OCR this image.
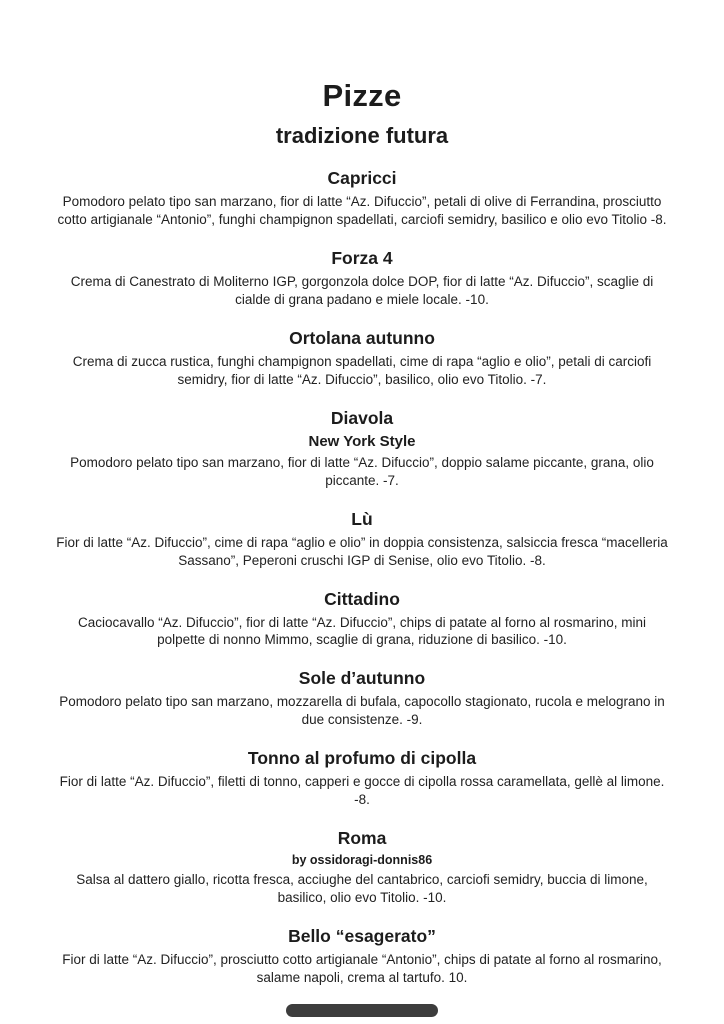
Pizze
tradizione futura
Capricci

Pomodoro pelato tipo san marzano, fior di latte “Az. Difuccio”, petali di olive di Ferrandina, prosciutto cotto artigianale “Antonio”, funghi champignon spadellati, carciofi semidry, basilico e olio evo Titolio -8.

Forza 4

Crema di Canestrato di Moliterno IGP, gorgonzola dolce DOP, fior di latte “Az. Difuccio”, scaglie di cialde di grana padano e miele locale. -10.

Ortolana autunno

Crema di zucca rustica, funghi champignon spadellati, cime di rapa “aglio e olio”, petali di carciofi semidry, fior di latte “Az. Difuccio”, basilico, olio evo Titolio. -7.

Diavola
New York Style

Pomodoro pelato tipo san marzano, fior di latte “Az. Difuccio”, doppio salame piccante, grana, olio piccante. -7.

Lù

Fior di latte “Az. Difuccio”, cime di rapa “aglio e olio” in doppia consistenza, salsiccia fresca “macelleria Sassano”, Peperoni cruschi IGP di Senise, olio evo Titolio. -8.

Cittadino

Caciocavallo “Az. Difuccio”, fior di latte “Az. Difuccio”, chips di patate al forno al rosmarino, mini polpette di nonno Mimmo, scaglie di grana, riduzione di basilico. -10.

Sole d’autunno

Pomodoro pelato tipo san marzano, mozzarella di bufala, capocollo stagionato, rucola e melograno in due consistenze. -9.

Tonno al profumo di cipolla

Fior di latte “Az. Difuccio”, filetti di tonno, capperi e gocce di cipolla rossa caramellata, gellè al limone. -8.

Roma
by ossidoragi-donnis86

Salsa al dattero giallo, ricotta fresca, acciughe del cantabrico, carciofi semidry, buccia di limone, basilico, olio evo Titolio. -10.

Bello “esagerato”

Fior di latte “Az. Difuccio”, prosciutto cotto artigianale “Antonio”, chips di patate al forno al rosmarino, salame napoli, crema al tartufo. 10.
